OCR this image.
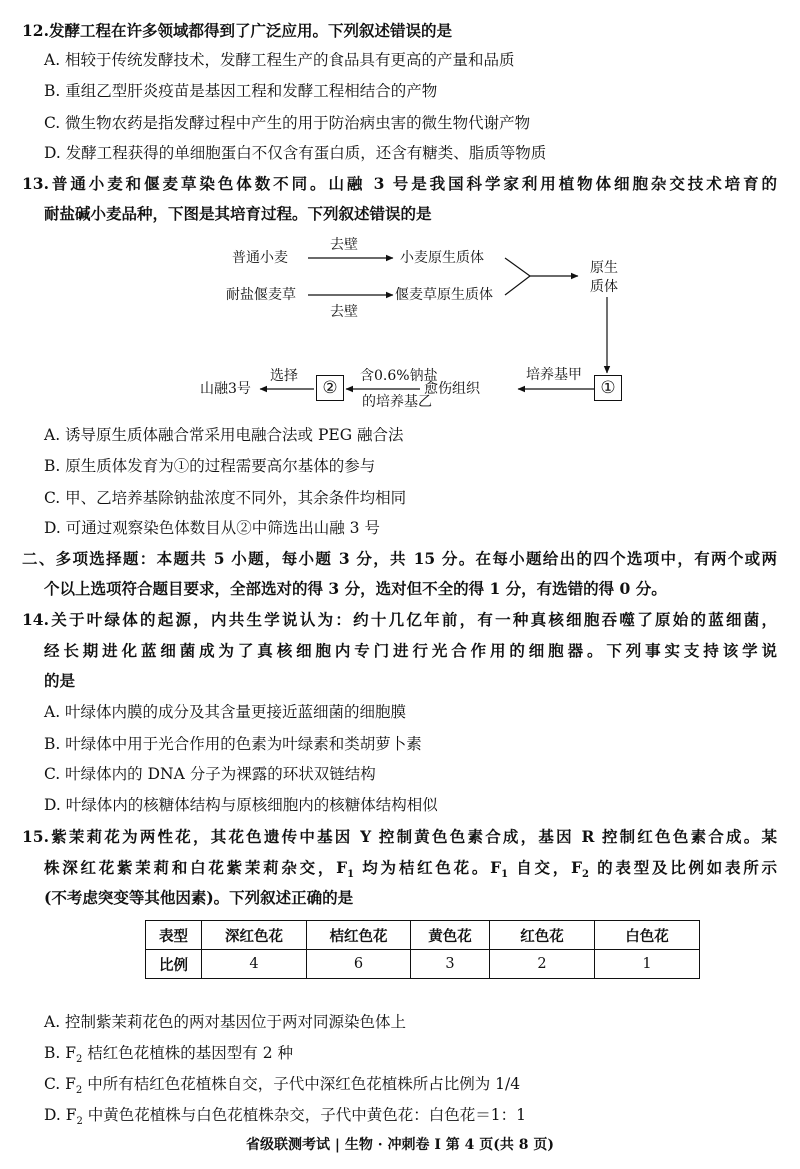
12.发酵工程在许多领域都得到了广泛应用。下列叙述错误的是
A. 相较于传统发酵技术，发酵工程生产的食品具有更高的产量和品质
B. 重组乙型肝炎疫苗是基因工程和发酵工程相结合的产物
C. 微生物农药是指发酵过程中产生的用于防治病虫害的微生物代谢产物
D. 发酵工程获得的单细胞蛋白不仅含有蛋白质，还含有糖类、脂质等物质
13.普通小麦和偃麦草染色体数不同。山融 3 号是我国科学家利用植物体细胞杂交技术培育的
耐盐碱小麦品种，下图是其培育过程。下列叙述错误的是
普通小麦
耐盐偃麦草
去壁
去壁
小麦原生质体
偃麦草原生质体
原生
质体
①
培养基甲
愈伤组织
含0.6%钠盐
的培养基乙
②
选择
山融3号
A. 诱导原生质体融合常采用电融合法或 PEG 融合法
B. 原生质体发育为①的过程需要高尔基体的参与
C. 甲、乙培养基除钠盐浓度不同外，其余条件均相同
D. 可通过观察染色体数目从②中筛选出山融 3 号
二、多项选择题：本题共 5 小题，每小题 3 分，共 15 分。在每小题给出的四个选项中，有两个或两
个以上选项符合题目要求，全部选对的得 3 分，选对但不全的得 1 分，有选错的得 0 分。
14.关于叶绿体的起源，内共生学说认为：约十几亿年前，有一种真核细胞吞噬了原始的蓝细菌，
经长期进化蓝细菌成为了真核细胞内专门进行光合作用的细胞器。下列事实支持该学说
的是
A. 叶绿体内膜的成分及其含量更接近蓝细菌的细胞膜
B. 叶绿体中用于光合作用的色素为叶绿素和类胡萝卜素
C. 叶绿体内的 DNA 分子为裸露的环状双链结构
D. 叶绿体内的核糖体结构与原核细胞内的核糖体结构相似
15.紫茉莉花为两性花，其花色遗传中基因 Y 控制黄色色素合成，基因 R 控制红色色素合成。某
株深红花紫茉莉和白花紫茉莉杂交，$F_1$ 均为桔红色花。$F_1$ 自交，$F_2$ 的表型及比例如表所示
(不考虑突变等其他因素)。下列叙述正确的是
表型	深红色花	桔红色花	黄色花	红色花	白色花
比例	4	6	3	2	1
A. 控制紫茉莉花色的两对基因位于两对同源染色体上
B. $F_2$ 桔红色花植株的基因型有 2 种
C. $F_2$ 中所有桔红色花植株自交，子代中深红色花植株所占比例为 1/4
D. $F_2$ 中黄色花植株与白色花植株杂交，子代中黄色花：白色花＝1：1
省级联测考试 | 生物 · 冲刺卷 Ⅰ 第 4 页(共 8 页)
